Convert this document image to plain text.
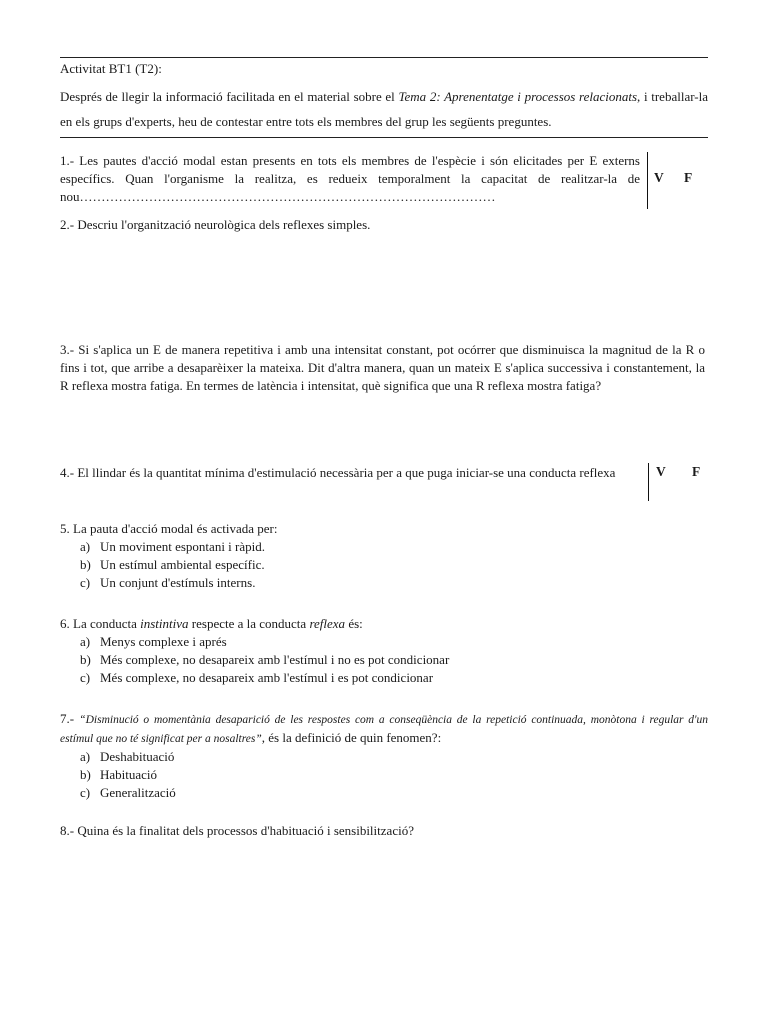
Activitat BT1 (T2):
Després de llegir la informació facilitada en el material sobre el Tema 2: Aprenentatge i processos relacionats, i treballar-la en els grups d'experts, heu de contestar entre tots els membres del grup les següents preguntes.
1.- Les pautes d'acció modal estan presents en tots els membres de l'espècie i són elicitades per E externs específics. Quan l'organisme la realitza, es redueix temporalment la capacitat de realitzar-la de nou……………………………………………………………………………………
V F
2.- Descriu l'organització neurològica dels reflexes simples.
3.- Si s'aplica un E de manera repetitiva i amb una intensitat constant, pot ocórrer que disminuisca la magnitud de la R o fins i tot, que arribe a desaparèixer la mateixa. Dit d'altra manera, quan un mateix E s'aplica successiva i constantement, la R reflexa mostra fatiga. En termes de latència i intensitat, què significa que una R reflexa mostra fatiga?
4.- El llindar és la quantitat mínima d'estimulació necessària per a que puga iniciar-se una conducta reflexa	V F

5. La pauta d'acció modal és activada per:

a) Un moviment espontani i ràpid.

b) Un estímul ambiental específic.

c) Un conjunt d'estímuls interns.

6. La conducta instintiva respecte a la conducta reflexa és:

a) Menys complexe i aprés

b) Més complexe, no desapareix amb l'estímul i no es pot condicionar

c) Més complexe, no desapareix amb l'estímul i es pot condicionar

7.- “Disminució o momentània desaparició de les respostes com a conseqüència de la repetició continuada, monòtona i regular d'un estímul que no té significat per a nosaltres”, és la definició de quin fenomen?:

a) Deshabituació

b) Habituació

c) Generalització

8.- Quina és la finalitat dels processos d'habituació i sensibilització?
